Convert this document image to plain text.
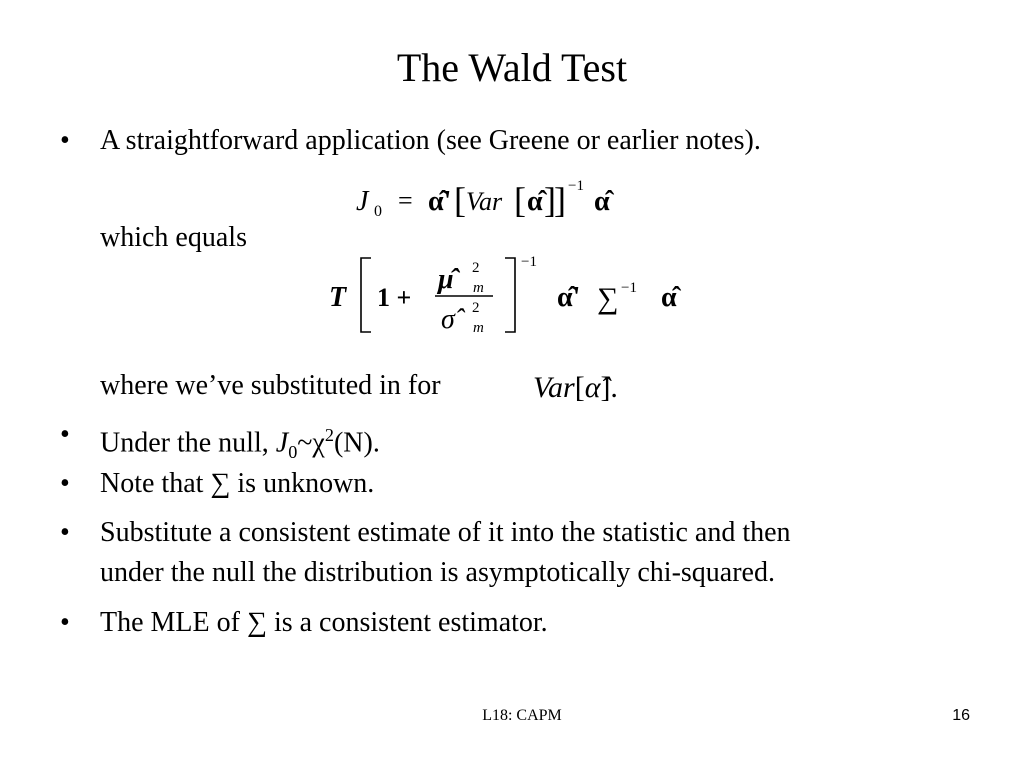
The Wald Test
•	A straightforward application (see Greene or earlier notes).
J 0 = α̂' [ Var [ α̂ ]
] −1 α̂
which equals
T 1 +
μ̂	2
m
σ̂	2
m
−1
α̂' ∑ −1 α̂
where we’ve substituted in for	Var[α̂].
•	Under the null, $J_0\sim\chi^2(N)$.
•	Note that ∑ is unknown.
•	Substitute a consistent estimate of it into the statistic and then
under the null the distribution is asymptotically chi-squared.
•	The MLE of ∑ is a consistent estimator.
L18: CAPM	16
